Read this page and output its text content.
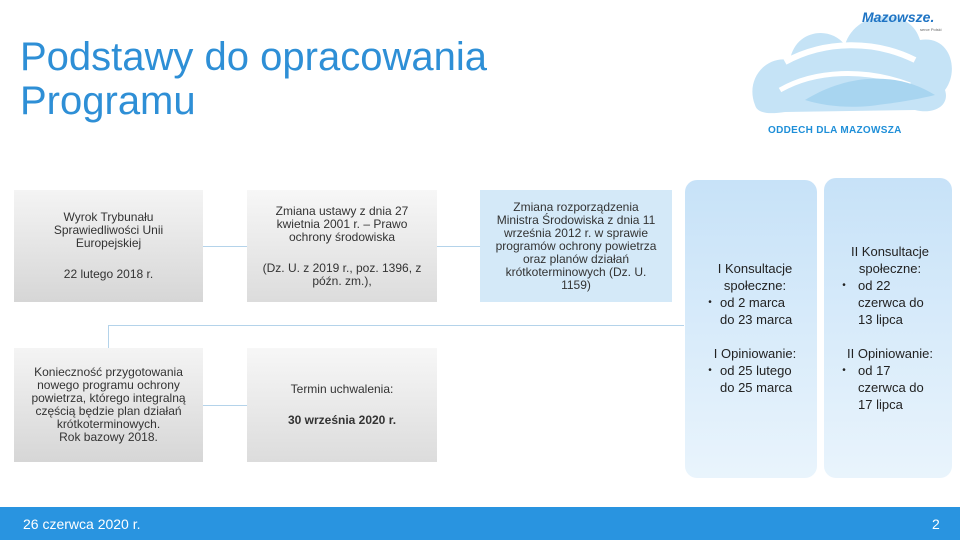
Podstawy do opracowania
Programu
Mazowsze.
serce Polski
ODDECH DLA MAZOWSZA
Wyrok Trybunału
Sprawiedliwości Unii
Europejskiej
22 lutego 2018 r.
Zmiana ustawy z dnia 27
kwietnia 2001 r. – Prawo
ochrony środowiska
(Dz. U. z 2019 r., poz. 1396, z
późn. zm.),
Zmiana rozporządzenia
Ministra Środowiska z dnia 11
września 2012 r. w sprawie
programów ochrony powietrza
oraz planów działań
krótkoterminowych (Dz. U.
1159)
Konieczność przygotowania
nowego programu ochrony
powietrza, którego integralną
częścią będzie plan działań
krótkoterminowych.
Rok bazowy 2018.
Termin uchwalenia:
30 września 2020 r.
I Konsultacje
społeczne:
• od 2 marca
do 23 marca
I Opiniowanie:
• od 25 lutego
do 25 marca
II Konsultacje
społeczne:
• od 22
czerwca do
13 lipca
II Opiniowanie:
• od 17
czerwca do
17 lipca
26 czerwca 2020 r.	2
